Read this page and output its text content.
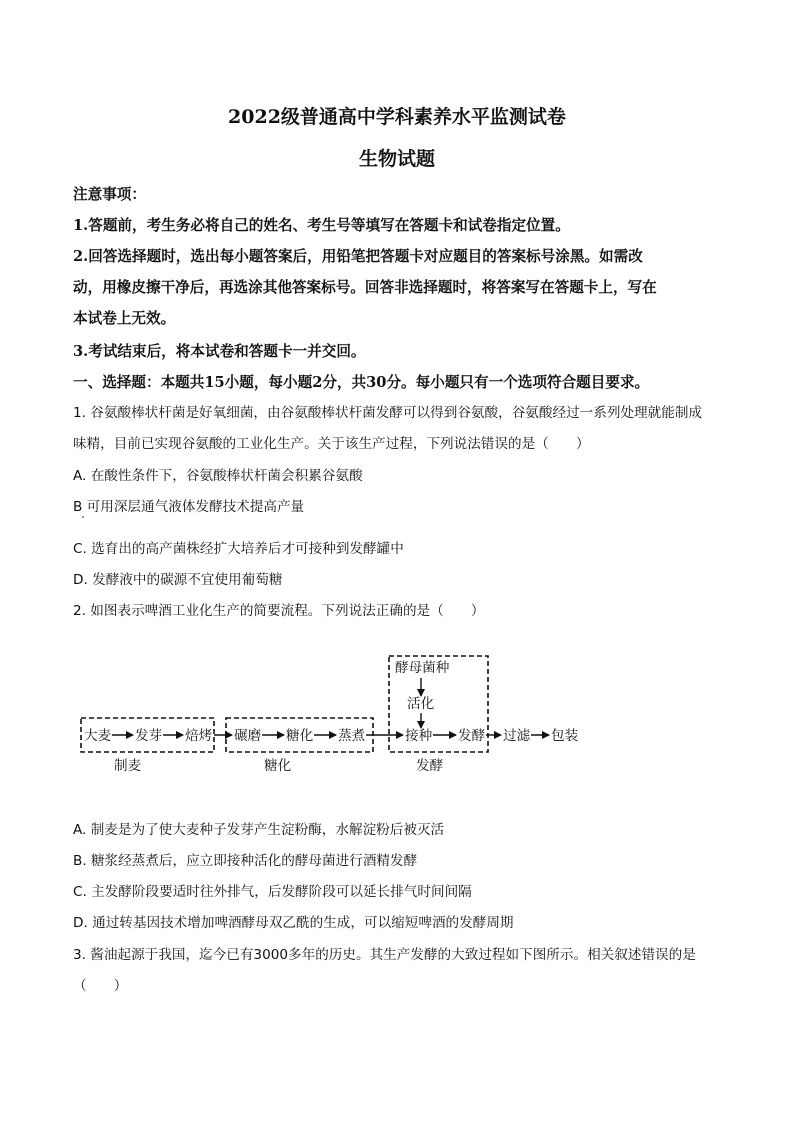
2022级普通高中学科素养水平监测试卷
生物试题
注意事项：
1.答题前，考生务必将自己的姓名、考生号等填写在答题卡和试卷指定位置。
2.回答选择题时，选出每小题答案后，用铅笔把答题卡对应题目的答案标号涂黑。如需改
动，用橡皮擦干净后，再选涂其他答案标号。回答非选择题时，将答案写在答题卡上，写在
本试卷上无效。
3.考试结束后，将本试卷和答题卡一并交回。
一、选择题：本题共15小题，每小题2分，共30分。每小题只有一个选项符合题目要求。
1. 谷氨酸棒状杆菌是好氧细菌，由谷氨酸棒状杆菌发酵可以得到谷氨酸，谷氨酸经过一系列处理就能制成
味精，目前已实现谷氨酸的工业化生产。关于该生产过程，下列说法错误的是（　　）
A. 在酸性条件下，谷氨酸棒状杆菌会积累谷氨酸
B 可用深层通气液体发酵技术提高产量
C. 选育出的高产菌株经扩大培养后才可接种到发酵罐中
D. 发酵液中的碳源不宜使用葡萄糖
2. 如图表示啤酒工业化生产的简要流程。下列说法正确的是（　　）
酵母菌种
活化
大麦 发芽 焙烤 碾磨 糖化 蒸煮	接种 发酵 过滤 包装
制麦	糖化	发酵
A. 制麦是为了使大麦种子发芽产生淀粉酶，水解淀粉后被灭活
B. 糖浆经蒸煮后，应立即接种活化的酵母菌进行酒精发酵
C. 主发酵阶段要适时往外排气，后发酵阶段可以延长排气时间间隔
D. 通过转基因技术增加啤酒酵母双乙酰的生成，可以缩短啤酒的发酵周期
3. 酱油起源于我国，迄今已有3000多年的历史。其生产发酵的大致过程如下图所示。相关叙述错误的是
（　　）
